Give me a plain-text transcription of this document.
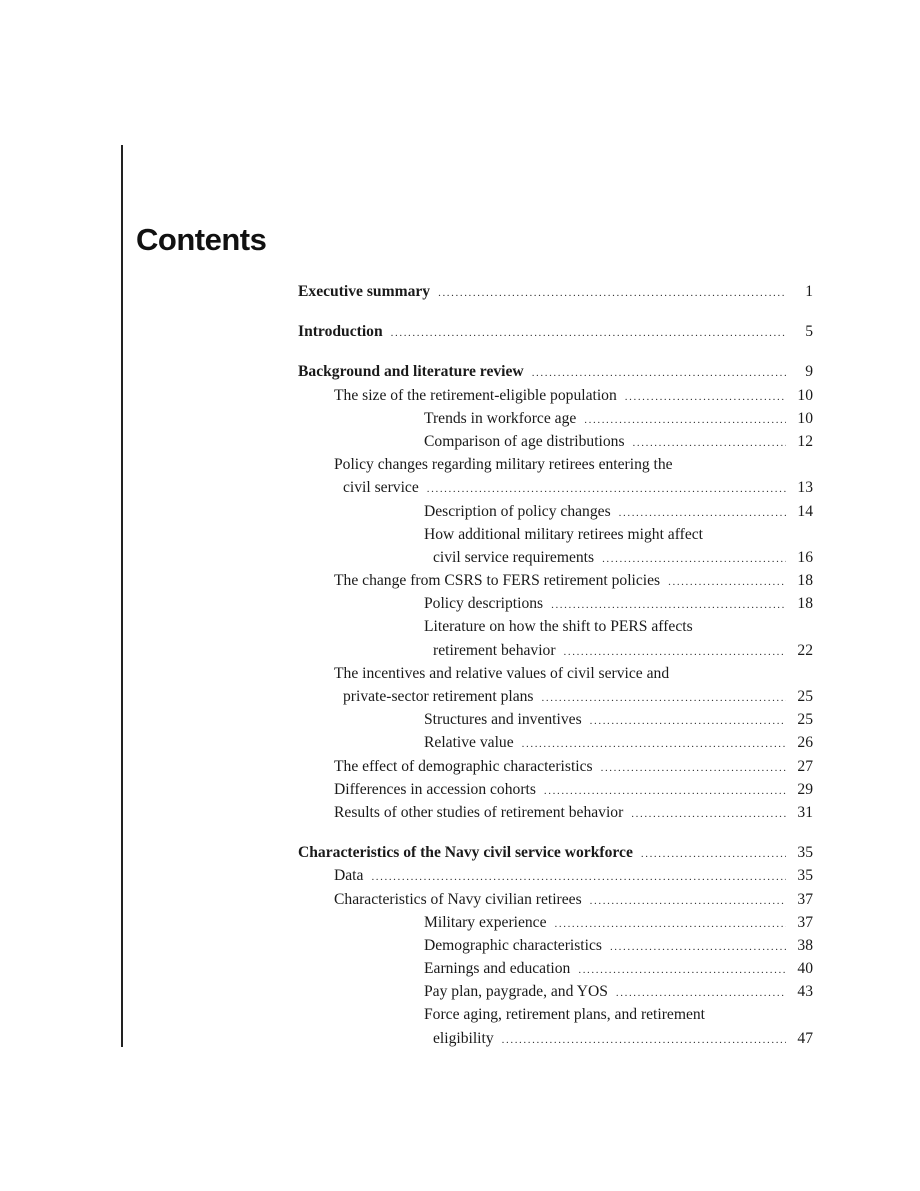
Contents
Executive summary .....	1
Introduction .....	5
Background and literature review .....	9
The size of the retirement-eligible population .....	10
Trends in workforce age .....	10
Comparison of age distributions .....	12
Policy changes regarding military retirees entering the
civil service .....	13
Description of policy changes .....	14
How additional military retirees might affect
civil service requirements .....	16
The change from CSRS to FERS retirement policies .....	18
Policy descriptions .....	18
Literature on how the shift to PERS affects
retirement behavior .....	22
The incentives and relative values of civil service and
private-sector retirement plans .....	25
Structures and inventives .....	25
Relative value .....	26
The effect of demographic characteristics .....	27
Differences in accession cohorts .....	29
Results of other studies of retirement behavior .....	31
Characteristics of the Navy civil service workforce .....	35
Data .....	35
Characteristics of Navy civilian retirees .....	37
Military experience .....	37
Demographic characteristics .....	38
Earnings and education .....	40
Pay plan, paygrade, and YOS .....	43
Force aging, retirement plans, and retirement
eligibility .....	47
